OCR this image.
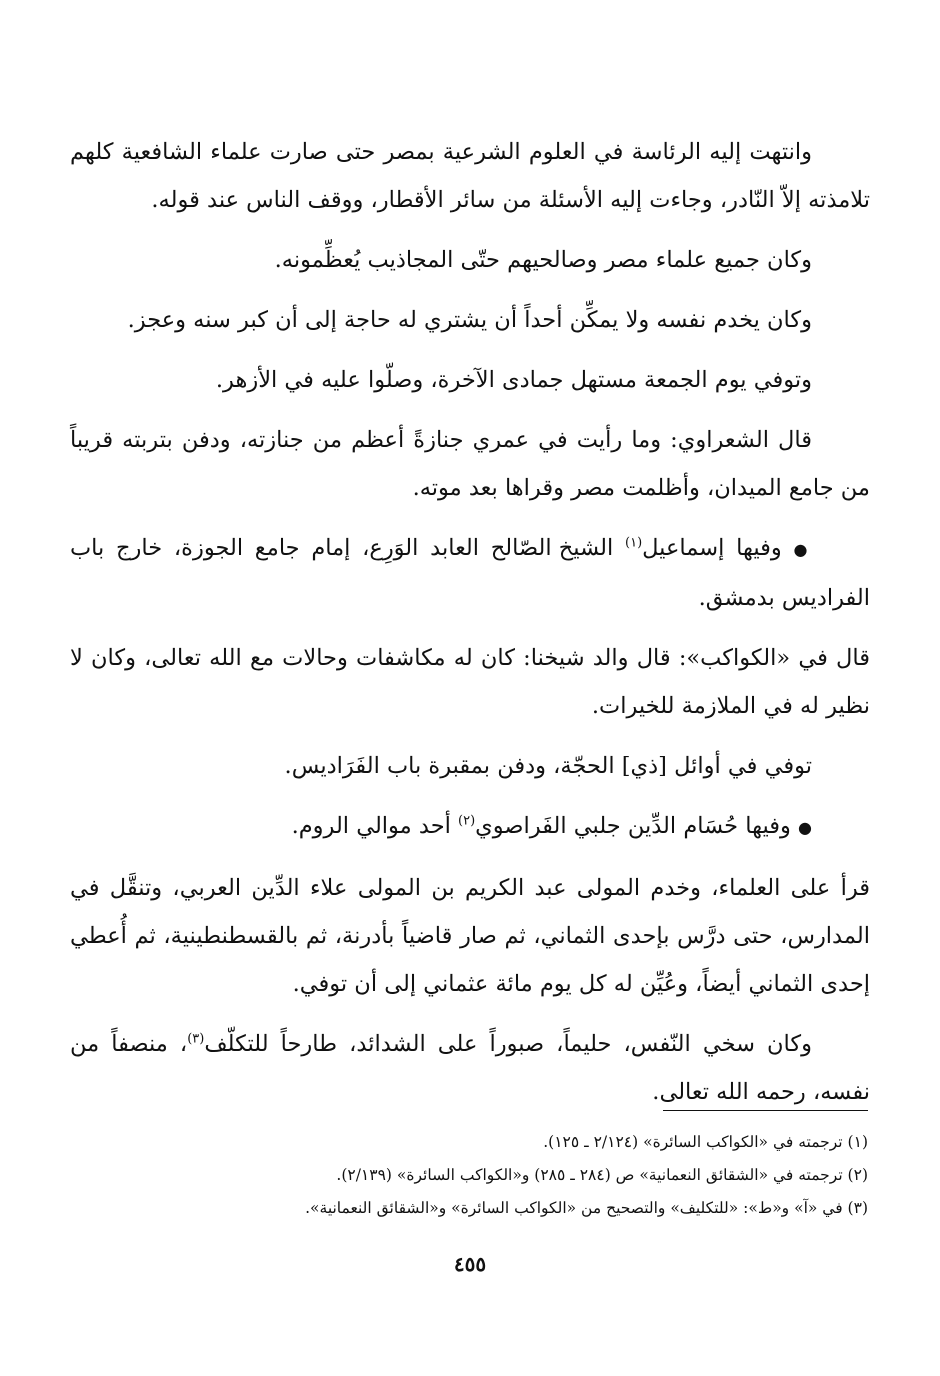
وانتهت إليه الرئاسة في العلوم الشرعية بمصر حتى صارت علماء الشافعية كلهم تلامذته إلاّ النّادر، وجاءت إليه الأسئلة من سائر الأقطار، ووقف الناس عند قوله.

وكان جميع علماء مصر وصالحيهم حتّى المجاذيب يُعظِّمونه.

وكان يخدم نفسه ولا يمكِّن أحداً أن يشتري له حاجة إلى أن كبر سنه وعجز.

وتوفي يوم الجمعة مستهل جمادى الآخرة، وصلّوا عليه في الأزهر.

قال الشعراوي: وما رأيت في عمري جنازةً أعظم من جنازته، ودفن بتربته قريباً من جامع الميدان، وأظلمت مصر وقراها بعد موته.

● وفيها إسماعيل$^{(١)}$ الشيخ الصّالح العابد الوَرِع، إمام جامع الجوزة، خارج باب الفراديس بدمشق.

قال في «الكواكب»: قال والد شيخنا: كان له مكاشفات وحالات مع الله تعالى، وكان لا نظير له في الملازمة للخيرات.

توفي في أوائل [ذي] الحجّة، ودفن بمقبرة باب الفَرَاديس.

● وفيها حُسَام الدِّين جلبي الفَراصوي$^{(٢)}$ أحد موالي الروم.

قرأ على العلماء، وخدم المولى عبد الكريم بن المولى علاء الدِّين العربي، وتنقَّل في المدارس، حتى درَّس بإحدى الثماني، ثم صار قاضياً بأدرنة، ثم بالقسطنطينية، ثم أُعطي إحدى الثماني أيضاً، وعُيِّن له كل يوم مائة عثماني إلى أن توفي.

وكان سخي النّفس، حليماً، صبوراً على الشدائد، طارحاً للتكلّف$^{(٣)}$، منصفاً من نفسه، رحمه الله تعالى.

(١) ترجمته في «الكواكب السائرة» (٢/١٢٤ ـ ١٢٥).

(٢) ترجمته في «الشقائق النعمانية» ص (٢٨٤ ـ ٢٨٥) و«الكواكب السائرة» (٢/١٣٩).

(٣) في «آ» و«ط»: «للتكليف» والتصحيح من «الكواكب السائرة» و«الشقائق النعمانية».

٤٥٥
